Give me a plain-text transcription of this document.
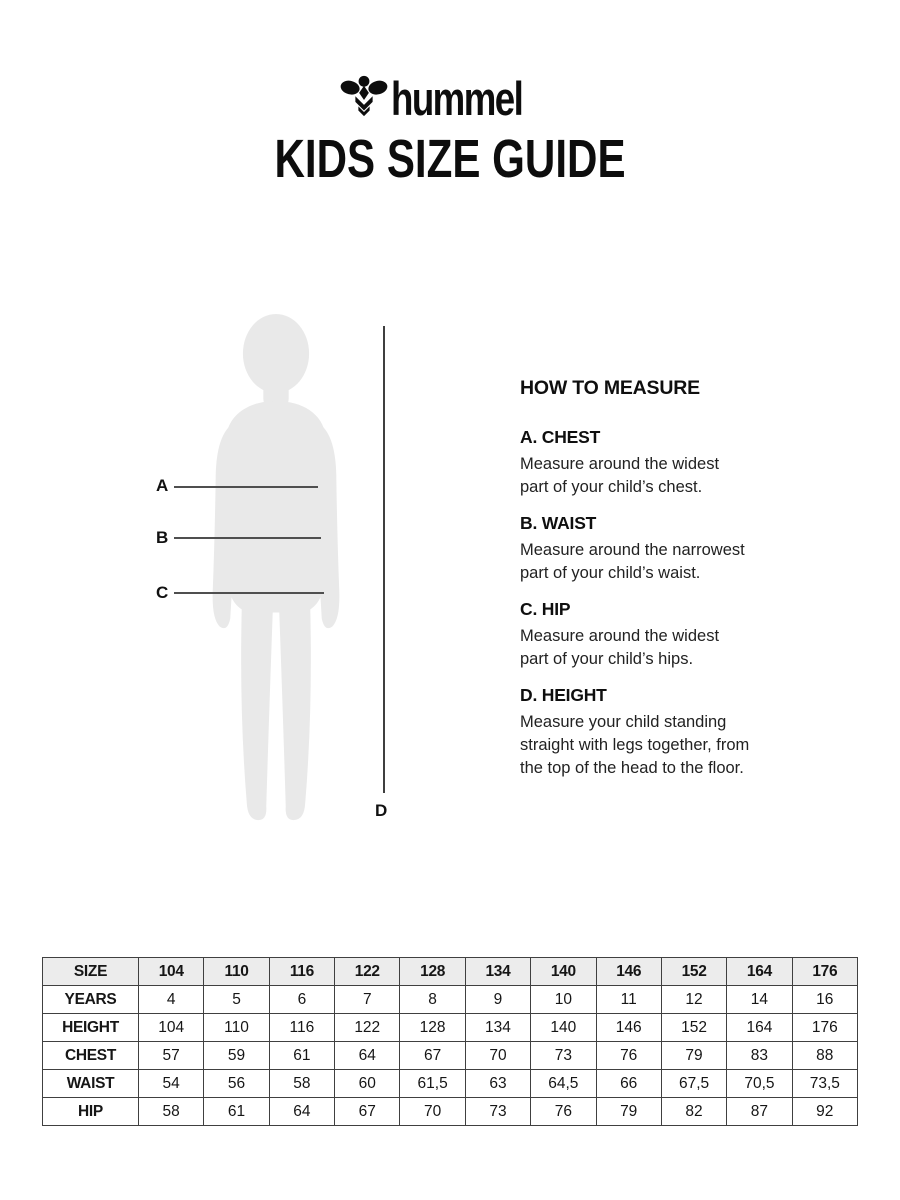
hummel
KIDS SIZE GUIDE
A
B
C
D
HOW TO MEASURE
A. CHEST
Measure around the widest
part of your child’s chest.
B. WAIST
Measure around the narrowest
part of your child’s waist.
C. HIP
Measure around the widest
part of your child’s hips.
D. HEIGHT
Measure your child standing
straight with legs together, from
the top of the head to the floor.
SIZE	104	110	116	122	128	134	140	146	152	164	176
YEARS	4	5	6	7	8	9	10	11	12	14	16
HEIGHT	104	110	116	122	128	134	140	146	152	164	176
CHEST	57	59	61	64	67	70	73	76	79	83	88
WAIST	54	56	58	60	61,5	63	64,5	66	67,5	70,5	73,5
HIP	58	61	64	67	70	73	76	79	82	87	92
